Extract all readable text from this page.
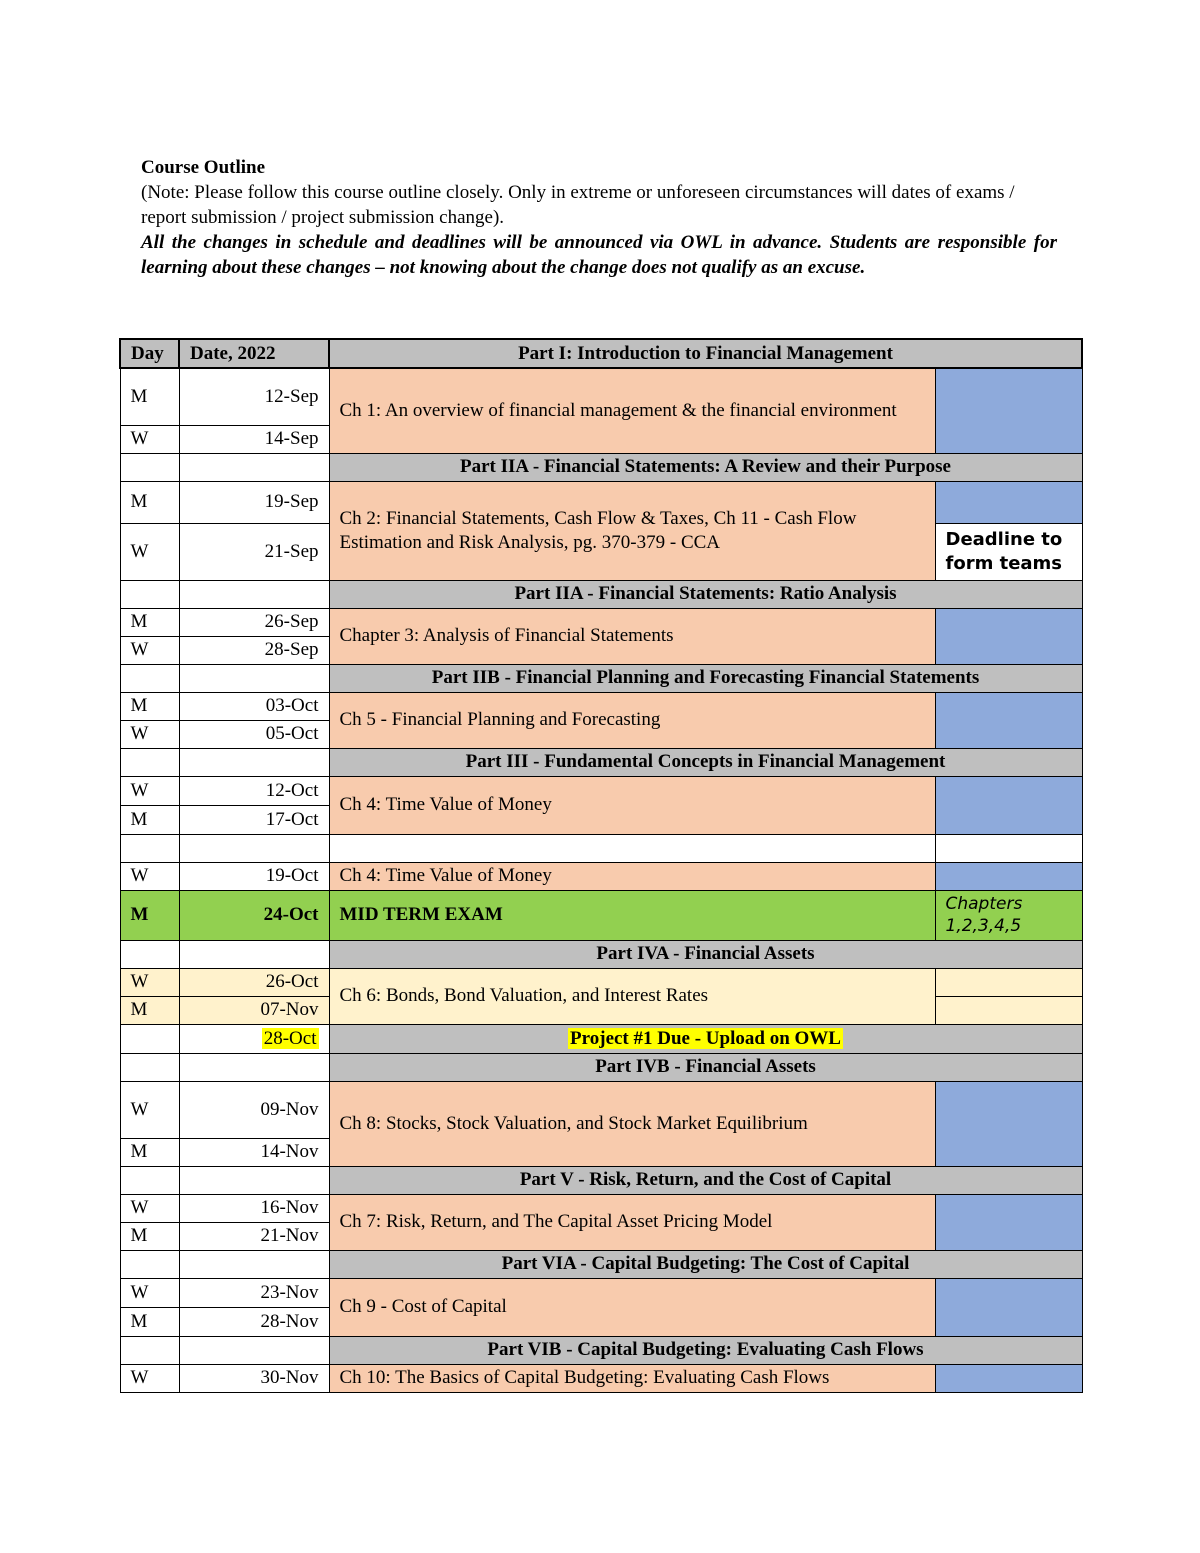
Course Outline
(Note: Please follow this course outline closely. Only in extreme or unforeseen circumstances will dates of exams / report submission / project submission change).
All the changes in schedule and deadlines will be announced via OWL in advance. Students are responsible for learning about these changes – not knowing about the change does not qualify as an excuse.
Day	Date, 2022	Part I: Introduction to Financial Management	
M	12-Sep	Ch 1: An overview of financial management & the financial environment	
W	14-Sep		
		Part IIA - Financial Statements: A Review and their Purpose	
M	19-Sep	Ch 2: Financial Statements, Cash Flow & Taxes, Ch 11 - Cash Flow Estimation and Risk Analysis, pg. 370-379 - CCA	
W	21-Sep		Deadline to form teams
		Part IIA - Financial Statements: Ratio Analysis	
M	26-Sep	Chapter 3: Analysis of Financial Statements	
W	28-Sep		
		Part IIB - Financial Planning and Forecasting Financial Statements	
M	03-Oct	Ch 5 - Financial Planning and Forecasting	
W	05-Oct		
		Part III - Fundamental Concepts in Financial Management	
W	12-Oct	Ch 4: Time Value of Money	
M	17-Oct		

W	19-Oct	Ch 4: Time Value of Money	
M	24-Oct	MID TERM EXAM	Chapters 1,2,3,4,5
		Part IVA - Financial Assets	
W	26-Oct	Ch 6: Bonds, Bond Valuation, and Interest Rates	
M	07-Nov		
	28-Oct	Project #1 Due - Upload on OWL	
		Part IVB - Financial Assets	
W	09-Nov	Ch 8: Stocks, Stock Valuation, and Stock Market Equilibrium	
M	14-Nov		
		Part V - Risk, Return, and the Cost of Capital	
W	16-Nov	Ch 7: Risk, Return, and The Capital Asset Pricing Model	
M	21-Nov		
		Part VIA - Capital Budgeting: The Cost of Capital	
W	23-Nov	Ch 9 - Cost of Capital	
M	28-Nov		
		Part VIB - Capital Budgeting: Evaluating Cash Flows	
W	30-Nov	Ch 10: The Basics of Capital Budgeting: Evaluating Cash Flows	
